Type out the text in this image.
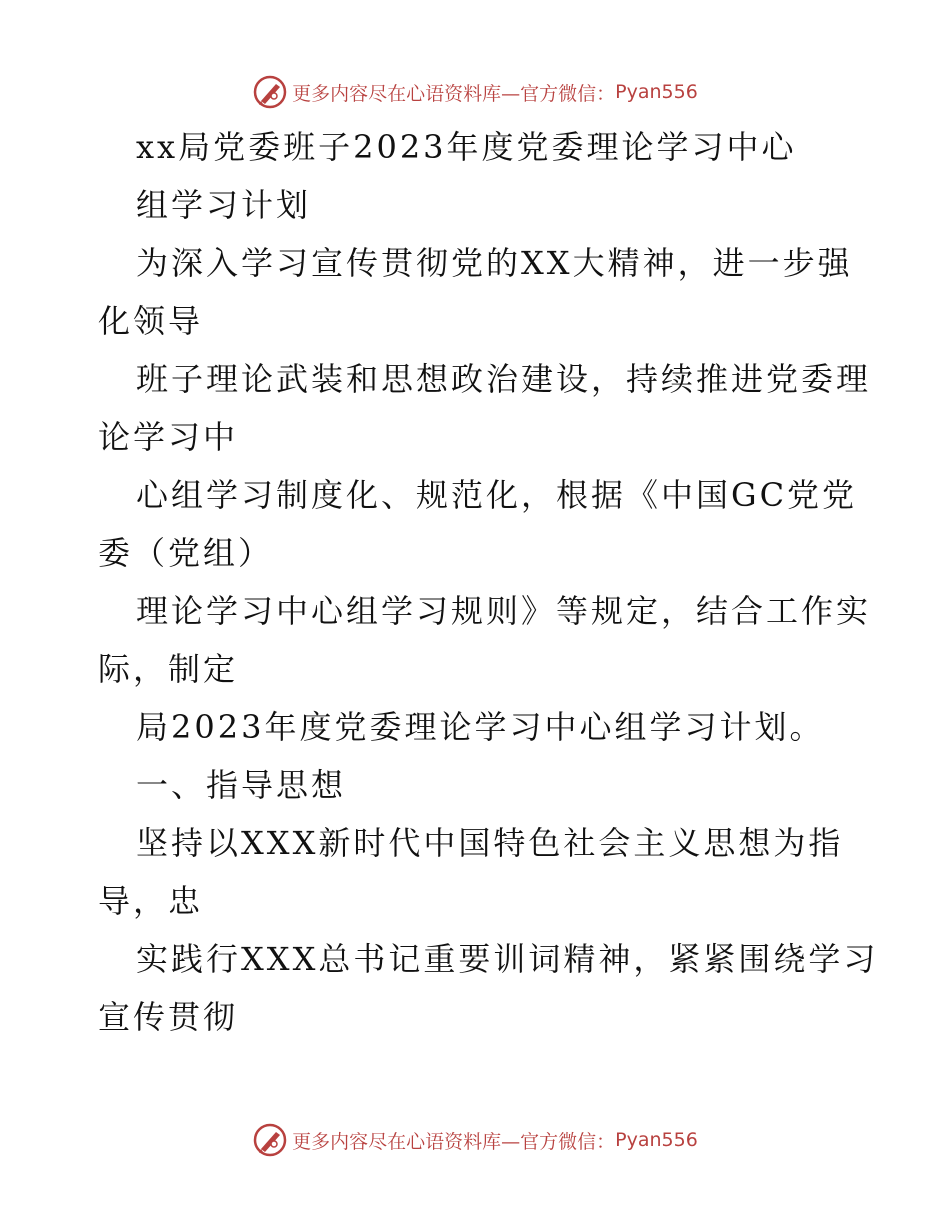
更多内容尽在心语资料库—官方微信： Pyan556
xx局党委班子2023年度党委理论学习中心
组学习计划
为深入学习宣传贯彻党的XX大精神，进一步强
化领导
班子理论武装和思想政治建设，持续推进党委理
论学习中
心组学习制度化、规范化，根据《中国GC党党
委（党组）
理论学习中心组学习规则》等规定，结合工作实
际，制定
局2023年度党委理论学习中心组学习计划。
一、指导思想
坚持以XXX新时代中国特色社会主义思想为指
导，忠
实践行XXX总书记重要训词精神，紧紧围绕学习
宣传贯彻
更多内容尽在心语资料库—官方微信： Pyan556
